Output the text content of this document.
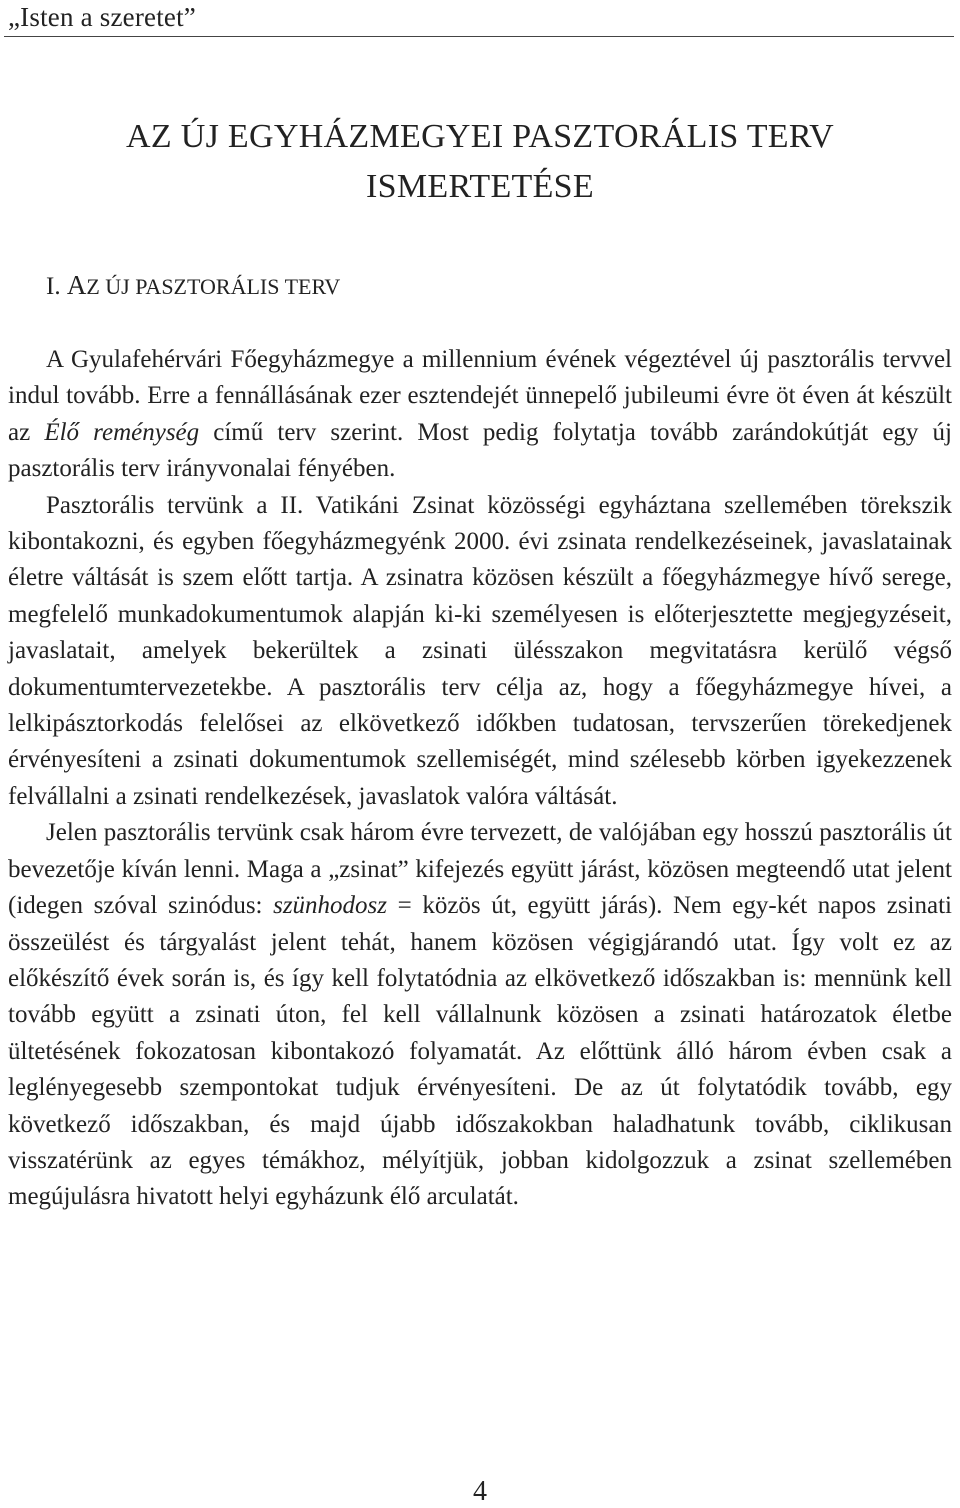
„Isten a szeretet”
AZ ÚJ EGYHÁZMEGYEI PASZTORÁLIS TERV
ISMERTETÉSE
I. AZ ÚJ PASZTORÁLIS TERV

A Gyulafehérvári Főegyházmegye a millennium évének végeztével új pasztorális tervvel indul tovább. Erre a fennállásának ezer esztendejét ünnepelő jubileumi évre öt éven át készült az Élő reménység című terv szerint. Most pedig folytatja tovább zarándokútját egy új pasztorális terv irányvonalai fényében.

Pasztorális tervünk a II. Vatikáni Zsinat közösségi egyháztana szellemében törekszik kibontakozni, és egyben főegyházmegyénk 2000. évi zsinata rendelkezéseinek, javaslatainak életre váltását is szem előtt tartja. A zsinatra közösen készült a főegyházmegye hívő serege, megfelelő munkadokumentumok alapján ki-ki személyesen is előterjesztette megjegyzéseit, javaslatait, amelyek bekerültek a zsinati ülésszakon megvitatásra kerülő végső dokumentumtervezetekbe. A pasztorális terv célja az, hogy a főegyházmegye hívei, a lelkipásztorkodás felelősei az elkövetkező időkben tudatosan, tervszerűen törekedjenek érvényesíteni a zsinati dokumentumok szellemiségét, mind szélesebb körben igyekezzenek felvállalni a zsinati rendelkezések, javaslatok valóra váltását.

Jelen pasztorális tervünk csak három évre tervezett, de valójában egy hosszú pasztorális út bevezetője kíván lenni. Maga a „zsinat” kifejezés együtt járást, közösen megteendő utat jelent (idegen szóval szinódus: szünhodosz = közös út, együtt járás). Nem egy-két napos zsinati összeülést és tárgyalást jelent tehát, hanem közösen végigjárandó utat. Így volt ez az előkészítő évek során is, és így kell folytatódnia az elkövetkező időszakban is: mennünk kell tovább együtt a zsinati úton, fel kell vállalnunk közösen a zsinati határozatok életbe ültetésének fokozatosan kibontakozó folyamatát. Az előttünk álló három évben csak a leglényegesebb szempontokat tudjuk érvényesíteni. De az út folytatódik tovább, egy következő időszakban, és majd újabb időszakokban haladhatunk tovább, ciklikusan visszatérünk az egyes témákhoz, mélyítjük, jobban kidolgozzuk a zsinat szellemében megújulásra hivatott helyi egyházunk élő arculatát.

4
